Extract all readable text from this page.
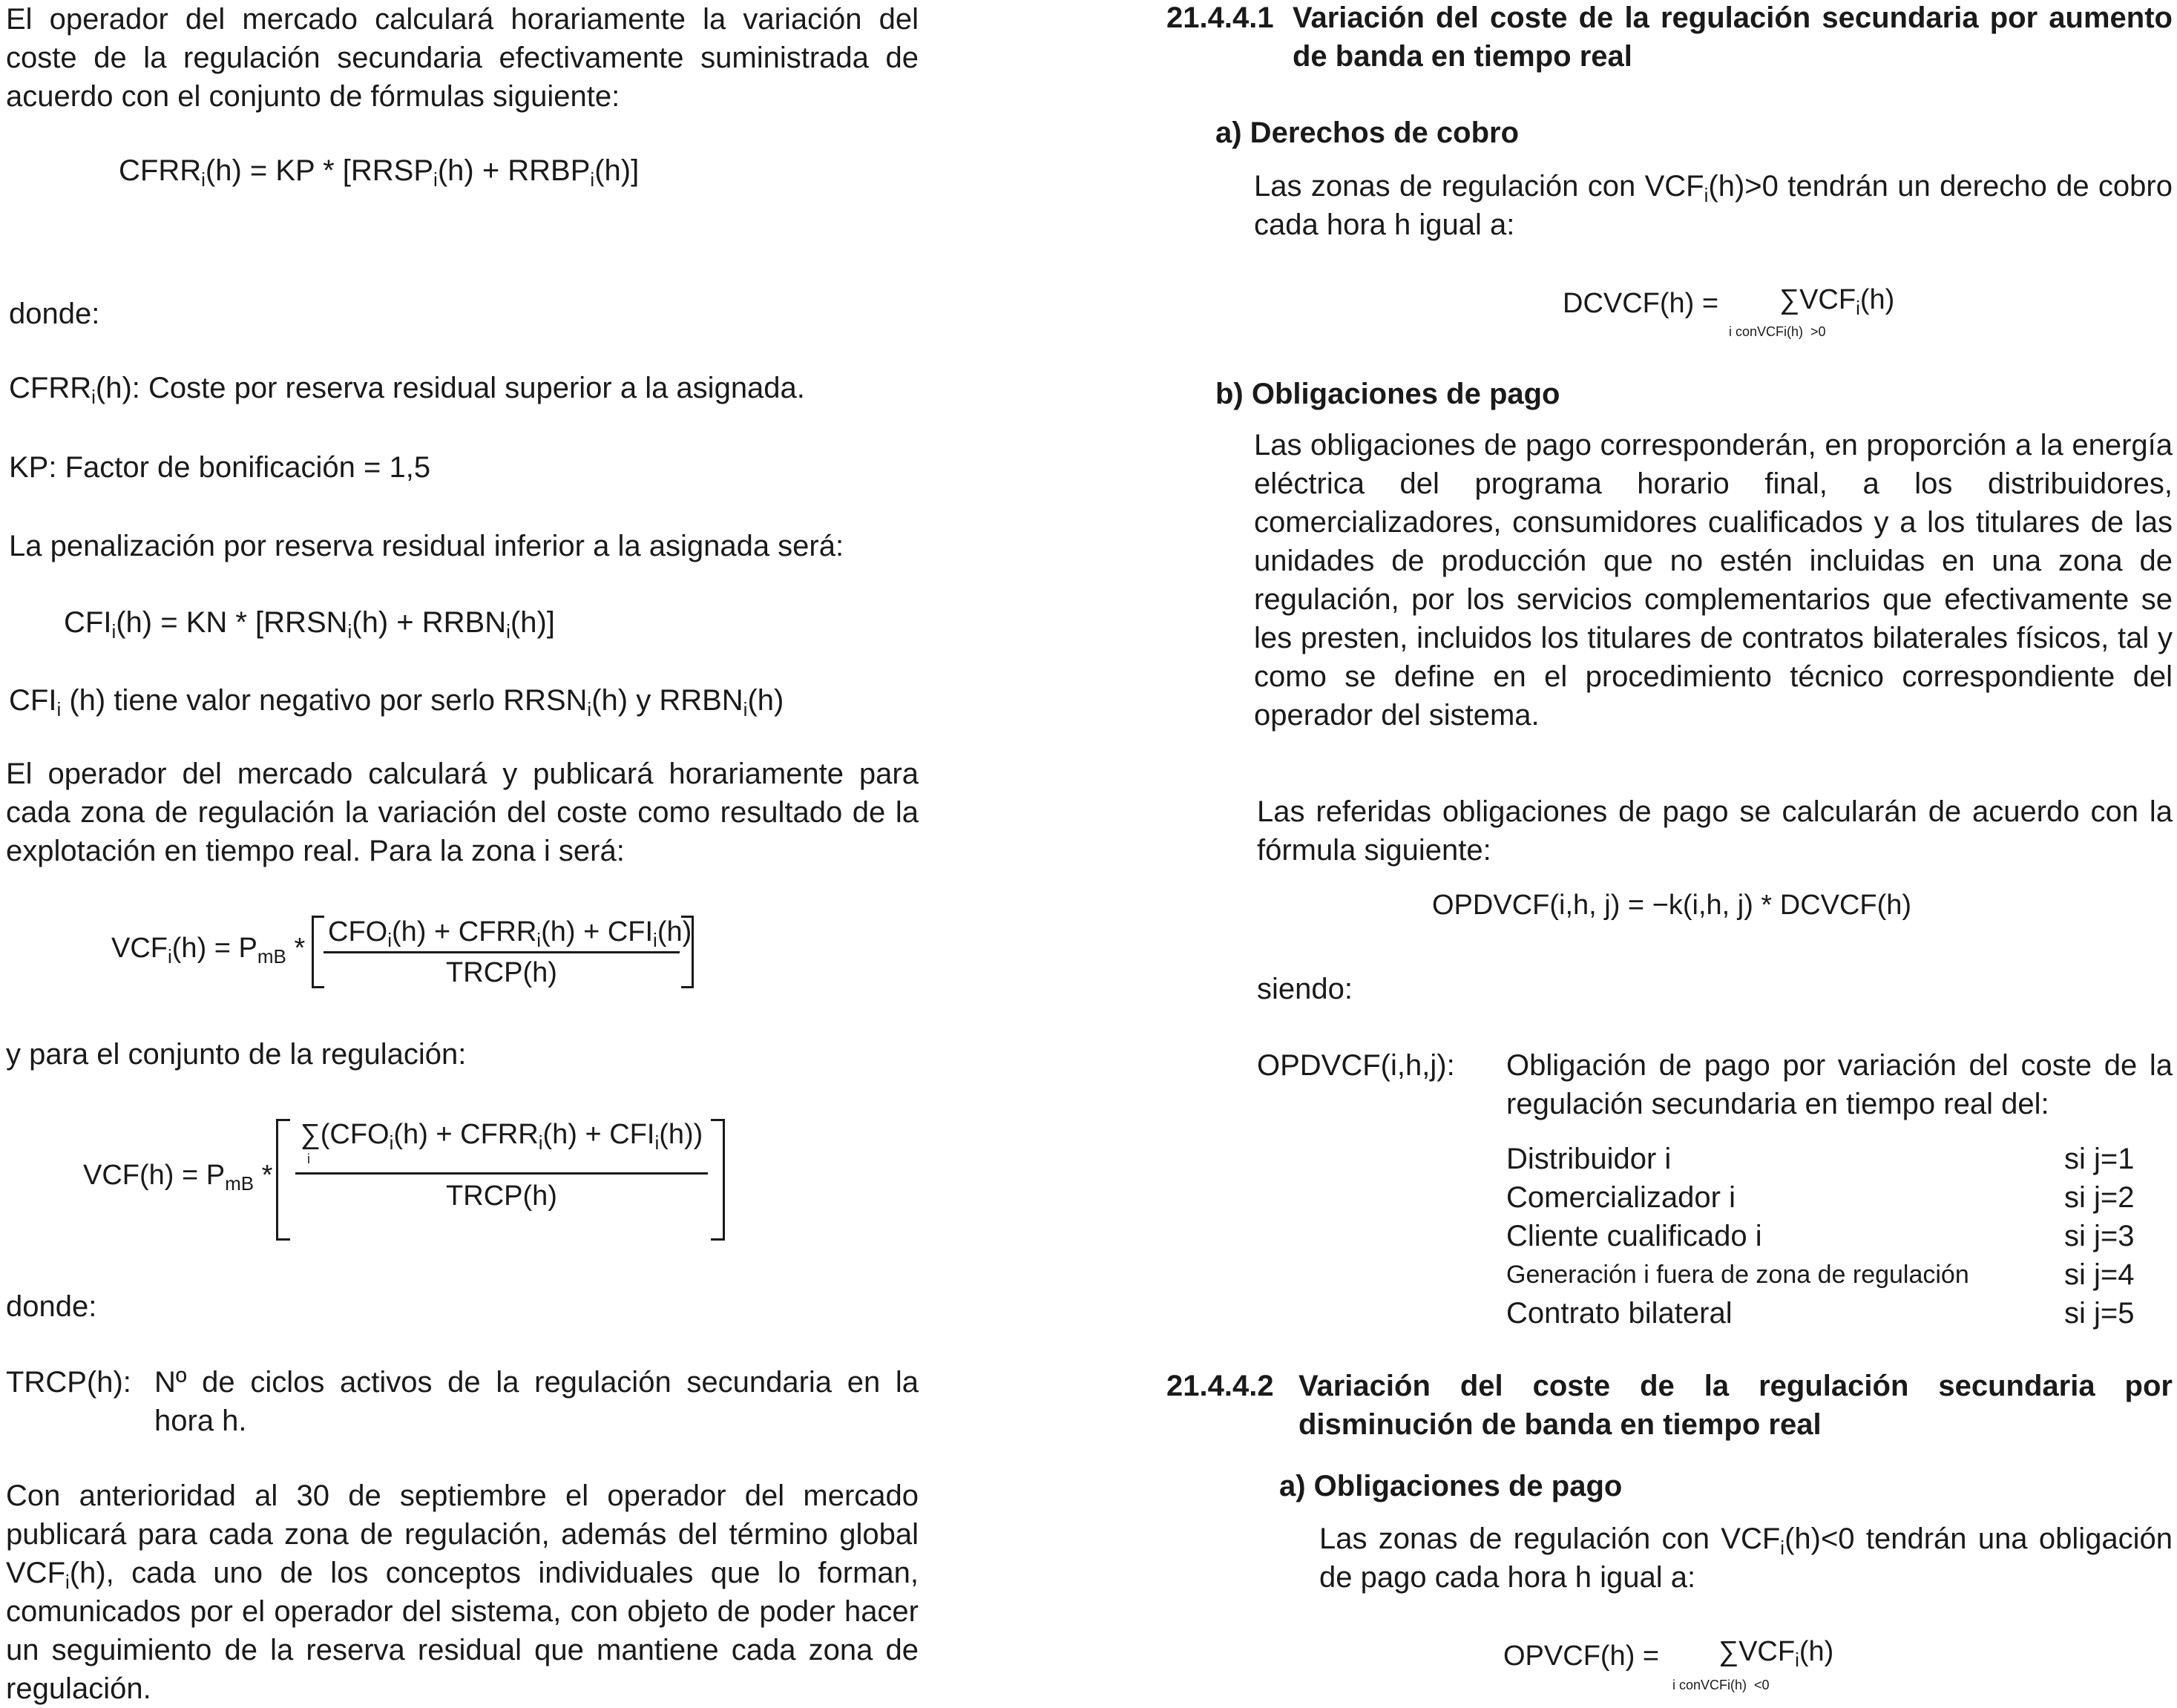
El operador del mercado calculará horariamente la variación del coste de la regulación secundaria efectivamente suministrada de acuerdo con el conjunto de fórmulas siguiente:
$CFRR_i(h)$ = KP * [$RRSP_i(h)$ + $RRBP_i(h)$]
donde:
$CFRR_i(h)$: Coste por reserva residual superior a la asignada.
KP: Factor de bonificación = 1,5
La penalización por reserva residual inferior a la asignada será:
$CFI_i(h)$ = KN * [$RRSN_i(h)$ + $RRBN_i(h)$]
$CFI_i$ (h) tiene valor negativo por serlo $RRSN_i(h)$ y $RRBN_i(h)$
El operador del mercado calculará y publicará horariamente para cada zona de regulación la variación del coste como resultado de la explotación en tiempo real. Para la zona i será:
$VCF_i(h) = P_{mB} * \frac{CFO_i(h) + CFRR_i(h) + CFI_i(h)}{\text{TRCP(h)}}$
y para el conjunto de la regulación:
$VCF(h) = P_{mB}$ *
$\sum(CFO_i(h)$ + $CFRR_i(h) + CFI_i(h)$)
i
TRCP(h)
donde:
TRCP(h): Nº de ciclos activos de la regulación secundaria en la hora h.
Con anterioridad al 30 de septiembre el operador del mercado publicará para cada zona de regulación, además del término global $VCF_i(h)$, cada uno de los conceptos individuales que lo forman, comunicados por el operador del sistema, con objeto de poder hacer un seguimiento de la reserva residual que mantiene cada zona de regulación.
21.4.4.1 Variación del coste de la regulación secundaria por aumento de banda en tiempo real
a) Derechos de cobro
Las zonas de regulación con $VCF_i(h)>0$ tendrán un derecho de cobro cada hora h igual a:
DCVCF(h) = $\sum VCF_i(h)$
i conVCFi(h)  >0
b) Obligaciones de pago
Las obligaciones de pago corresponderán, en proporción a la energía eléctrica del programa horario final, a los distribuidores, comercializadores, consumidores cualificados y a los titulares de las unidades de producción que no estén incluidas en una zona de regulación, por los servicios complementarios que efectivamente se les presten, incluidos los titulares de contratos bilaterales físicos, tal y como se define en el procedimiento técnico correspondiente del operador del sistema.
Las referidas obligaciones de pago se calcularán de acuerdo con la fórmula siguiente:
OPDVCF(i,h, j) = −k(i,h, j) * DCVCF(h)
siendo:
OPDVCF(i,h,j): Obligación de pago por variación del coste de la regulación secundaria en tiempo real del:
Distribuidor i	si j=1
Comercializador i	si j=2
Cliente cualificado i	si j=3
Generación i fuera de zona de regulación	si j=4
Contrato bilateral	si j=5
21.4.4.2 Variación del coste de la regulación secundaria por disminución de banda en tiempo real
a) Obligaciones de pago
Las zonas de regulación con $VCF_i(h)<0$ tendrán una obligación de pago cada hora h igual a:
OPVCF(h) = $\sum VCF_i(h)$
i conVCFi(h)  <0
